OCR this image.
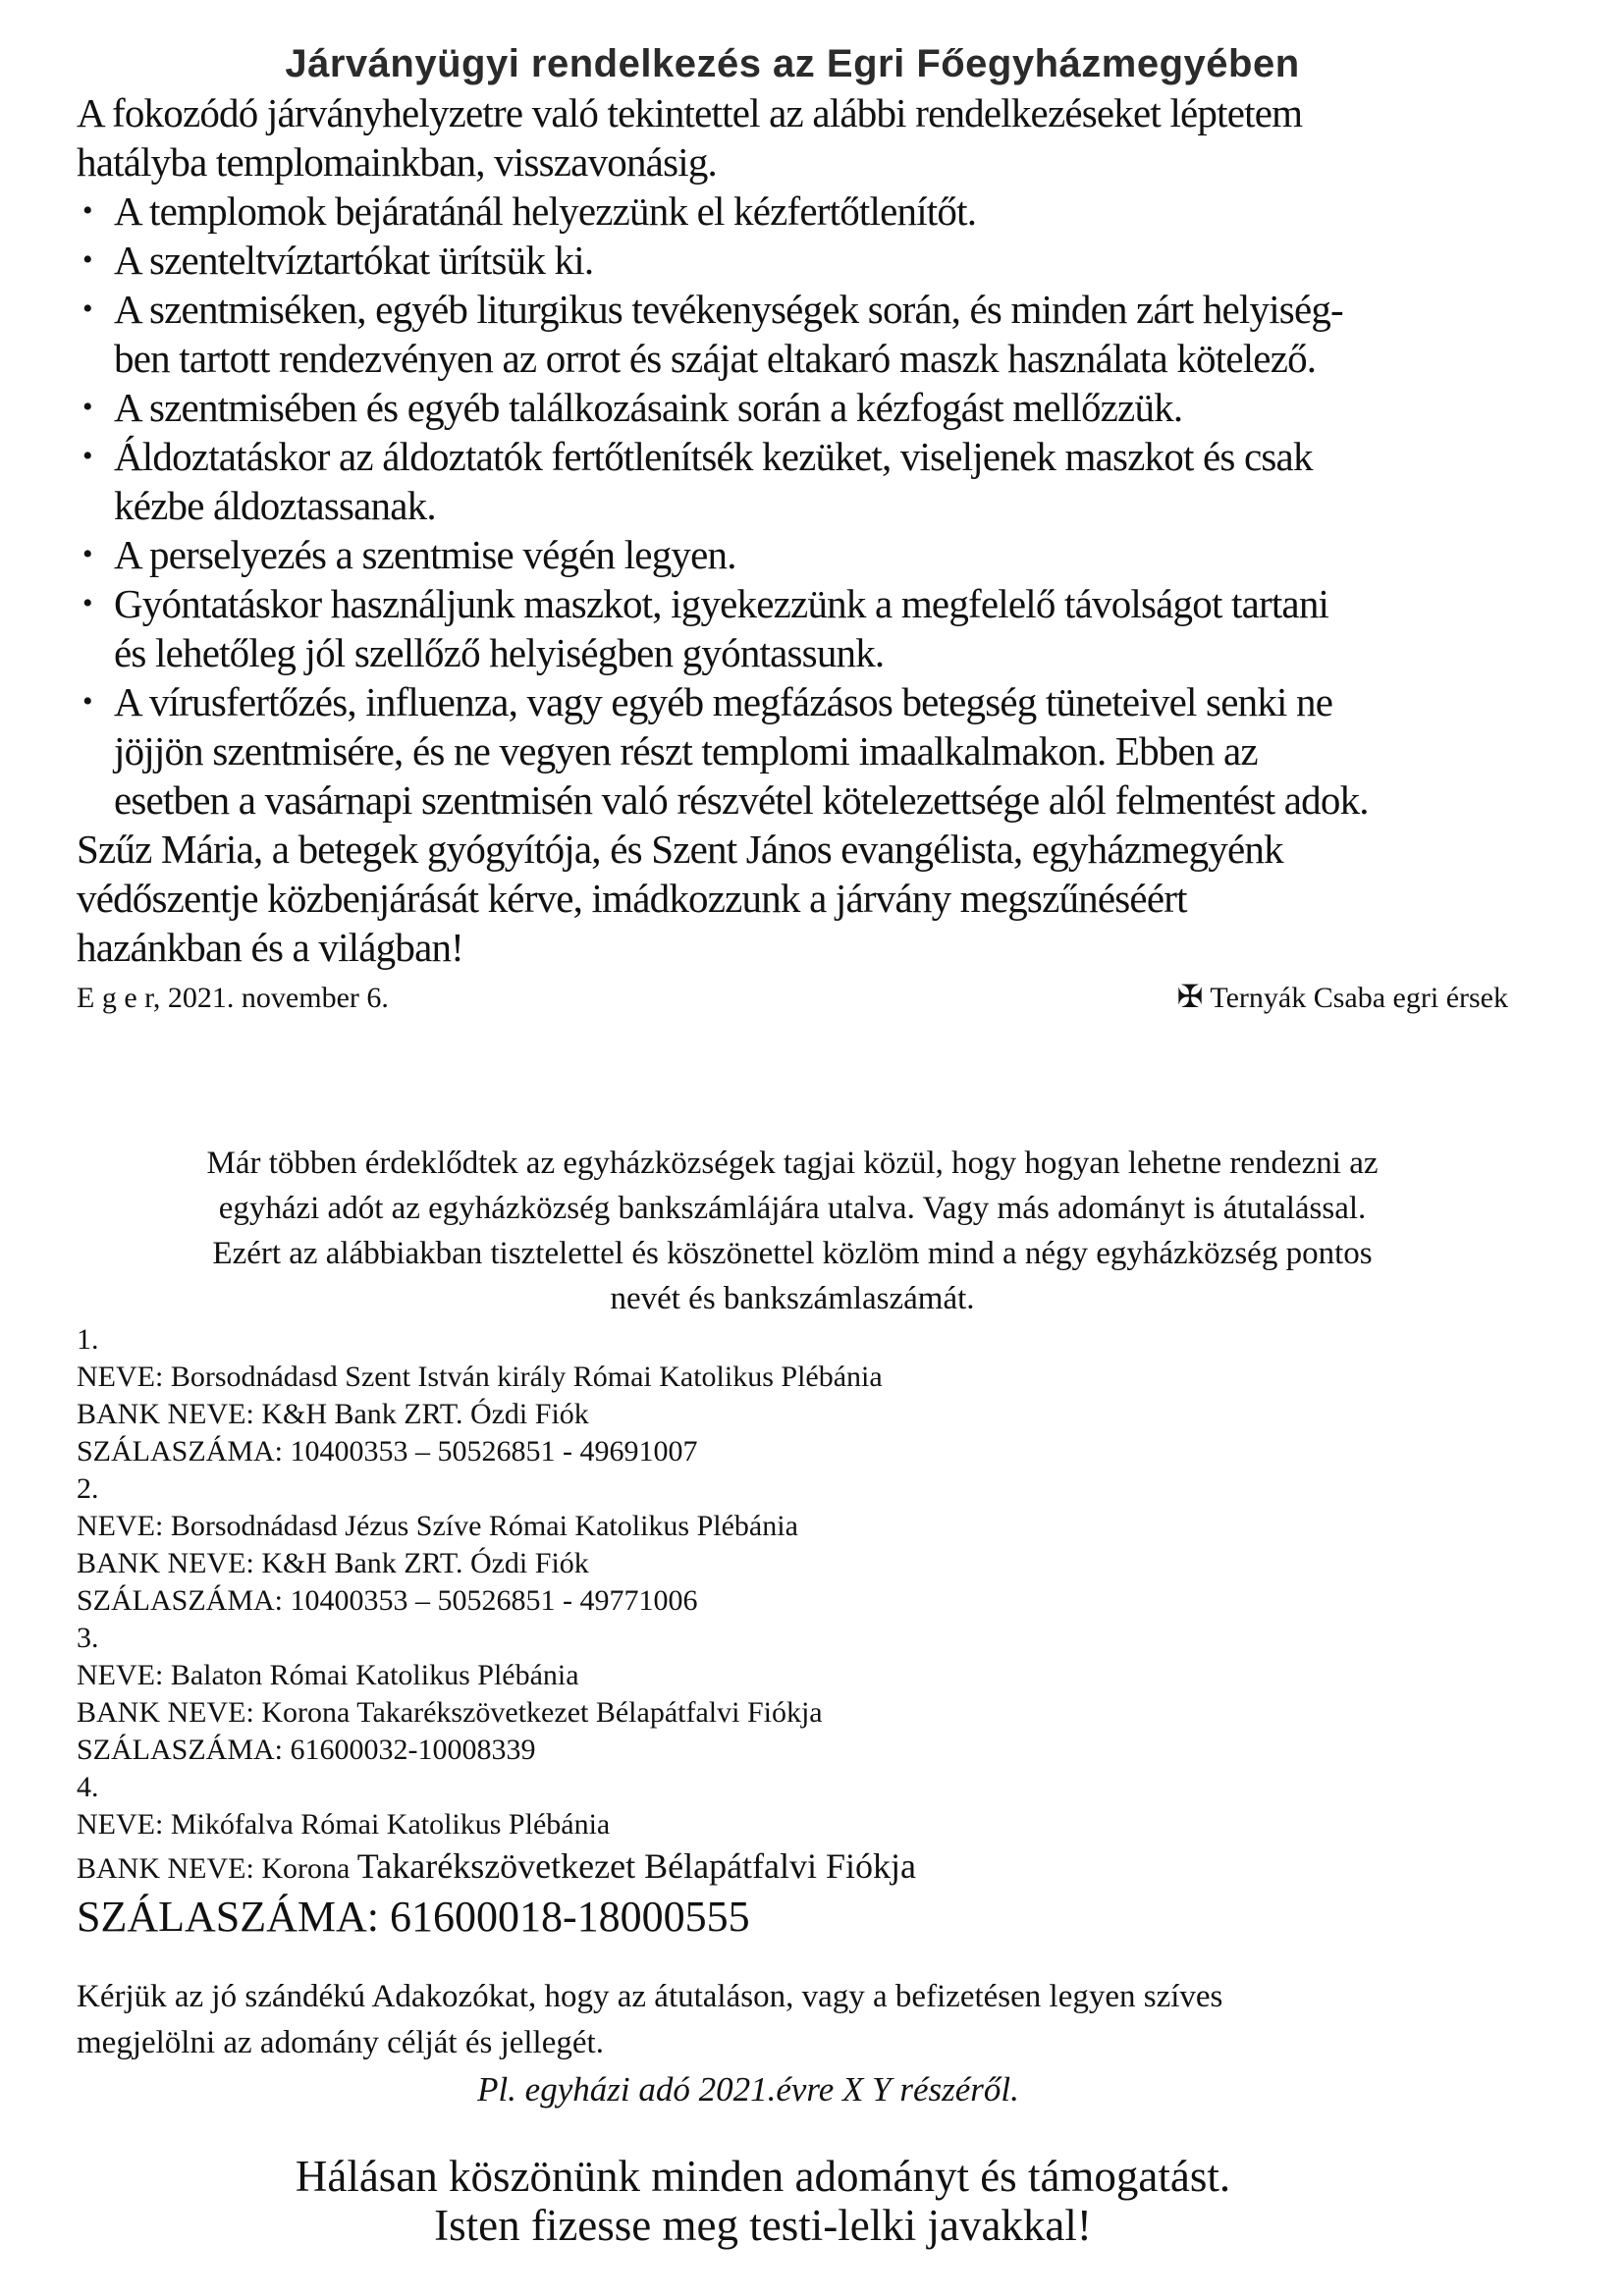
Járványügyi rendelkezés az Egri Főegyházmegyében
A fokozódó járványhelyzetre való tekintettel az alábbi rendelkezéseket léptetem
hatályba templomainkban, visszavonásig.
• A templomok bejáratánál helyezzünk el kézfertőtlenítőt.
• A szenteltvíztartókat ürítsük ki.
• A szentmiséken, egyéb liturgikus tevékenységek során, és minden zárt helyiség-
ben tartott rendezvényen az orrot és szájat eltakaró maszk használata kötelező.
• A szentmisében és egyéb találkozásaink során a kézfogást mellőzzük.
• Áldoztatáskor az áldoztatók fertőtlenítsék kezüket, viseljenek maszkot és csak
kézbe áldoztassanak.
• A perselyezés a szentmise végén legyen.
• Gyóntatáskor használjunk maszkot, igyekezzünk a megfelelő távolságot tartani
és lehetőleg jól szellőző helyiségben gyóntassunk.
• A vírusfertőzés, influenza, vagy egyéb megfázásos betegség tüneteivel senki ne
jöjjön szentmisére, és ne vegyen részt templomi imaalkalmakon. Ebben az
esetben a vasárnapi szentmisén való részvétel kötelezettsége alól felmentést adok.
Szűz Mária, a betegek gyógyítója, és Szent János evangélista, egyházmegyénk
védőszentje közbenjárását kérve, imádkozzunk a járvány megszűnéséért
hazánkban és a világban!
E g e r, 2021. november 6.	✠ Ternyák Csaba egri érsek
Már többen érdeklődtek az egyházközségek tagjai közül, hogy hogyan lehetne rendezni az
egyházi adót az egyházközség bankszámlájára utalva. Vagy más adományt is átutalással.
Ezért az alábbiakban tisztelettel és köszönettel közlöm mind a négy egyházközség pontos
nevét és bankszámlaszámát.
1.
NEVE: Borsodnádasd Szent István király Római Katolikus Plébánia
BANK NEVE: K&H Bank ZRT. Ózdi Fiók
SZÁLASZÁMA: 10400353 – 50526851 - 49691007
2.
NEVE: Borsodnádasd Jézus Szíve Római Katolikus Plébánia
BANK NEVE: K&H Bank ZRT. Ózdi Fiók
SZÁLASZÁMA: 10400353 – 50526851 - 49771006
3.
NEVE: Balaton Római Katolikus Plébánia
BANK NEVE: Korona Takarékszövetkezet Bélapátfalvi Fiókja
SZÁLASZÁMA: 61600032-10008339
4.
NEVE: Mikófalva Római Katolikus Plébánia
BANK NEVE: Korona Takarékszövetkezet Bélapátfalvi Fiókja
SZÁLASZÁMA: 61600018-18000555
Kérjük az jó szándékú Adakozókat, hogy az átutaláson, vagy a befizetésen legyen szíves
megjelölni az adomány célját és jellegét.
Pl. egyházi adó 2021.évre X Y részéről.
Hálásan köszönünk minden adományt és támogatást.
Isten fizesse meg testi-lelki javakkal!
